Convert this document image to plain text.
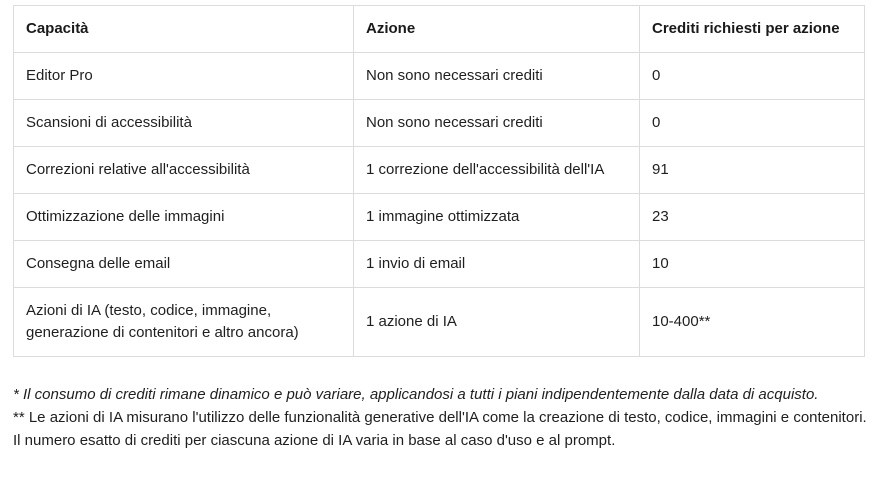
Capacità	Azione	Crediti richiesti per azione
Editor Pro	Non sono necessari crediti	0
Scansioni di accessibilità	Non sono necessari crediti	0
Correzioni relative all'accessibilità	1 correzione dell'accessibilità dell'IA	91
Ottimizzazione delle immagini	1 immagine ottimizzata	23
Consegna delle email	1 invio di email	10
Azioni di IA (testo, codice, immagine, generazione di contenitori e altro ancora)	1 azione di IA	10-400**
* Il consumo di crediti rimane dinamico e può variare, applicandosi a tutti i piani indipendentemente dalla data di acquisto.
** Le azioni di IA misurano l'utilizzo delle funzionalità generative dell'IA come la creazione di testo, codice, immagini e contenitori. Il numero esatto di crediti per ciascuna azione di IA varia in base al caso d'uso e al prompt.
